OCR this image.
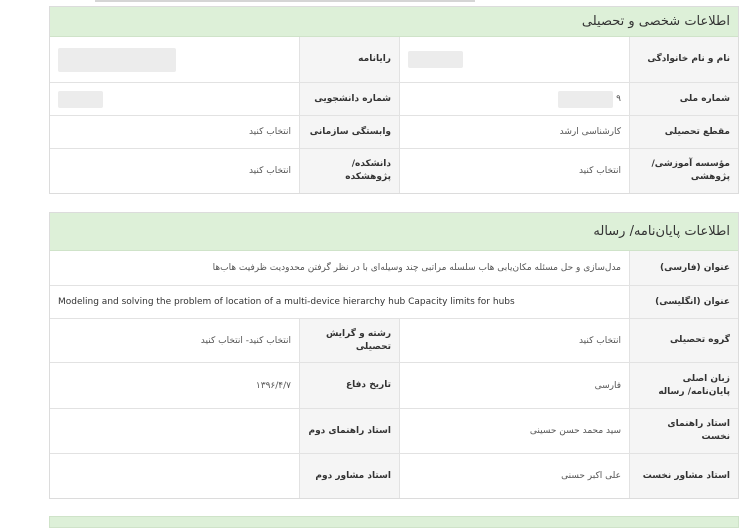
اطلاعات شخصی و تحصیلی
نام و نام خانوادگی
رایانامه
شماره ملی
۹
شماره دانشجویی
مقطع تحصیلی
کارشناسی ارشد
وابستگی سازمانی
انتخاب کنید
مؤسسه آموزشی/ پژوهشی
انتخاب کنید
دانشکده/ پژوهشکده
انتخاب کنید
اطلاعات پایان‌نامه/ رساله
عنوان (فارسی)
مدل‌سازی و حل مسئله مکان‌یابی هاب سلسله مراتبی چند وسیله‌ای با در نظر گرفتن محدودیت ظرفیت هاب‌ها
عنوان (انگلیسی)
Modeling and solving the problem of location of a multi-device hierarchy hub Capacity limits for hubs
گروه تحصیلی
انتخاب کنید
رشته و گرایش تحصیلی
انتخاب کنید- انتخاب کنید
زبان اصلی پایان‌نامه/ رساله
فارسی
تاریخ دفاع
۱۳۹۶/۴/۷
استاد راهنمای نخست
سید محمد حسن حسینی
استاد راهنمای دوم
استاد مشاور نخست
علی اکبر حسنی
استاد مشاور دوم
